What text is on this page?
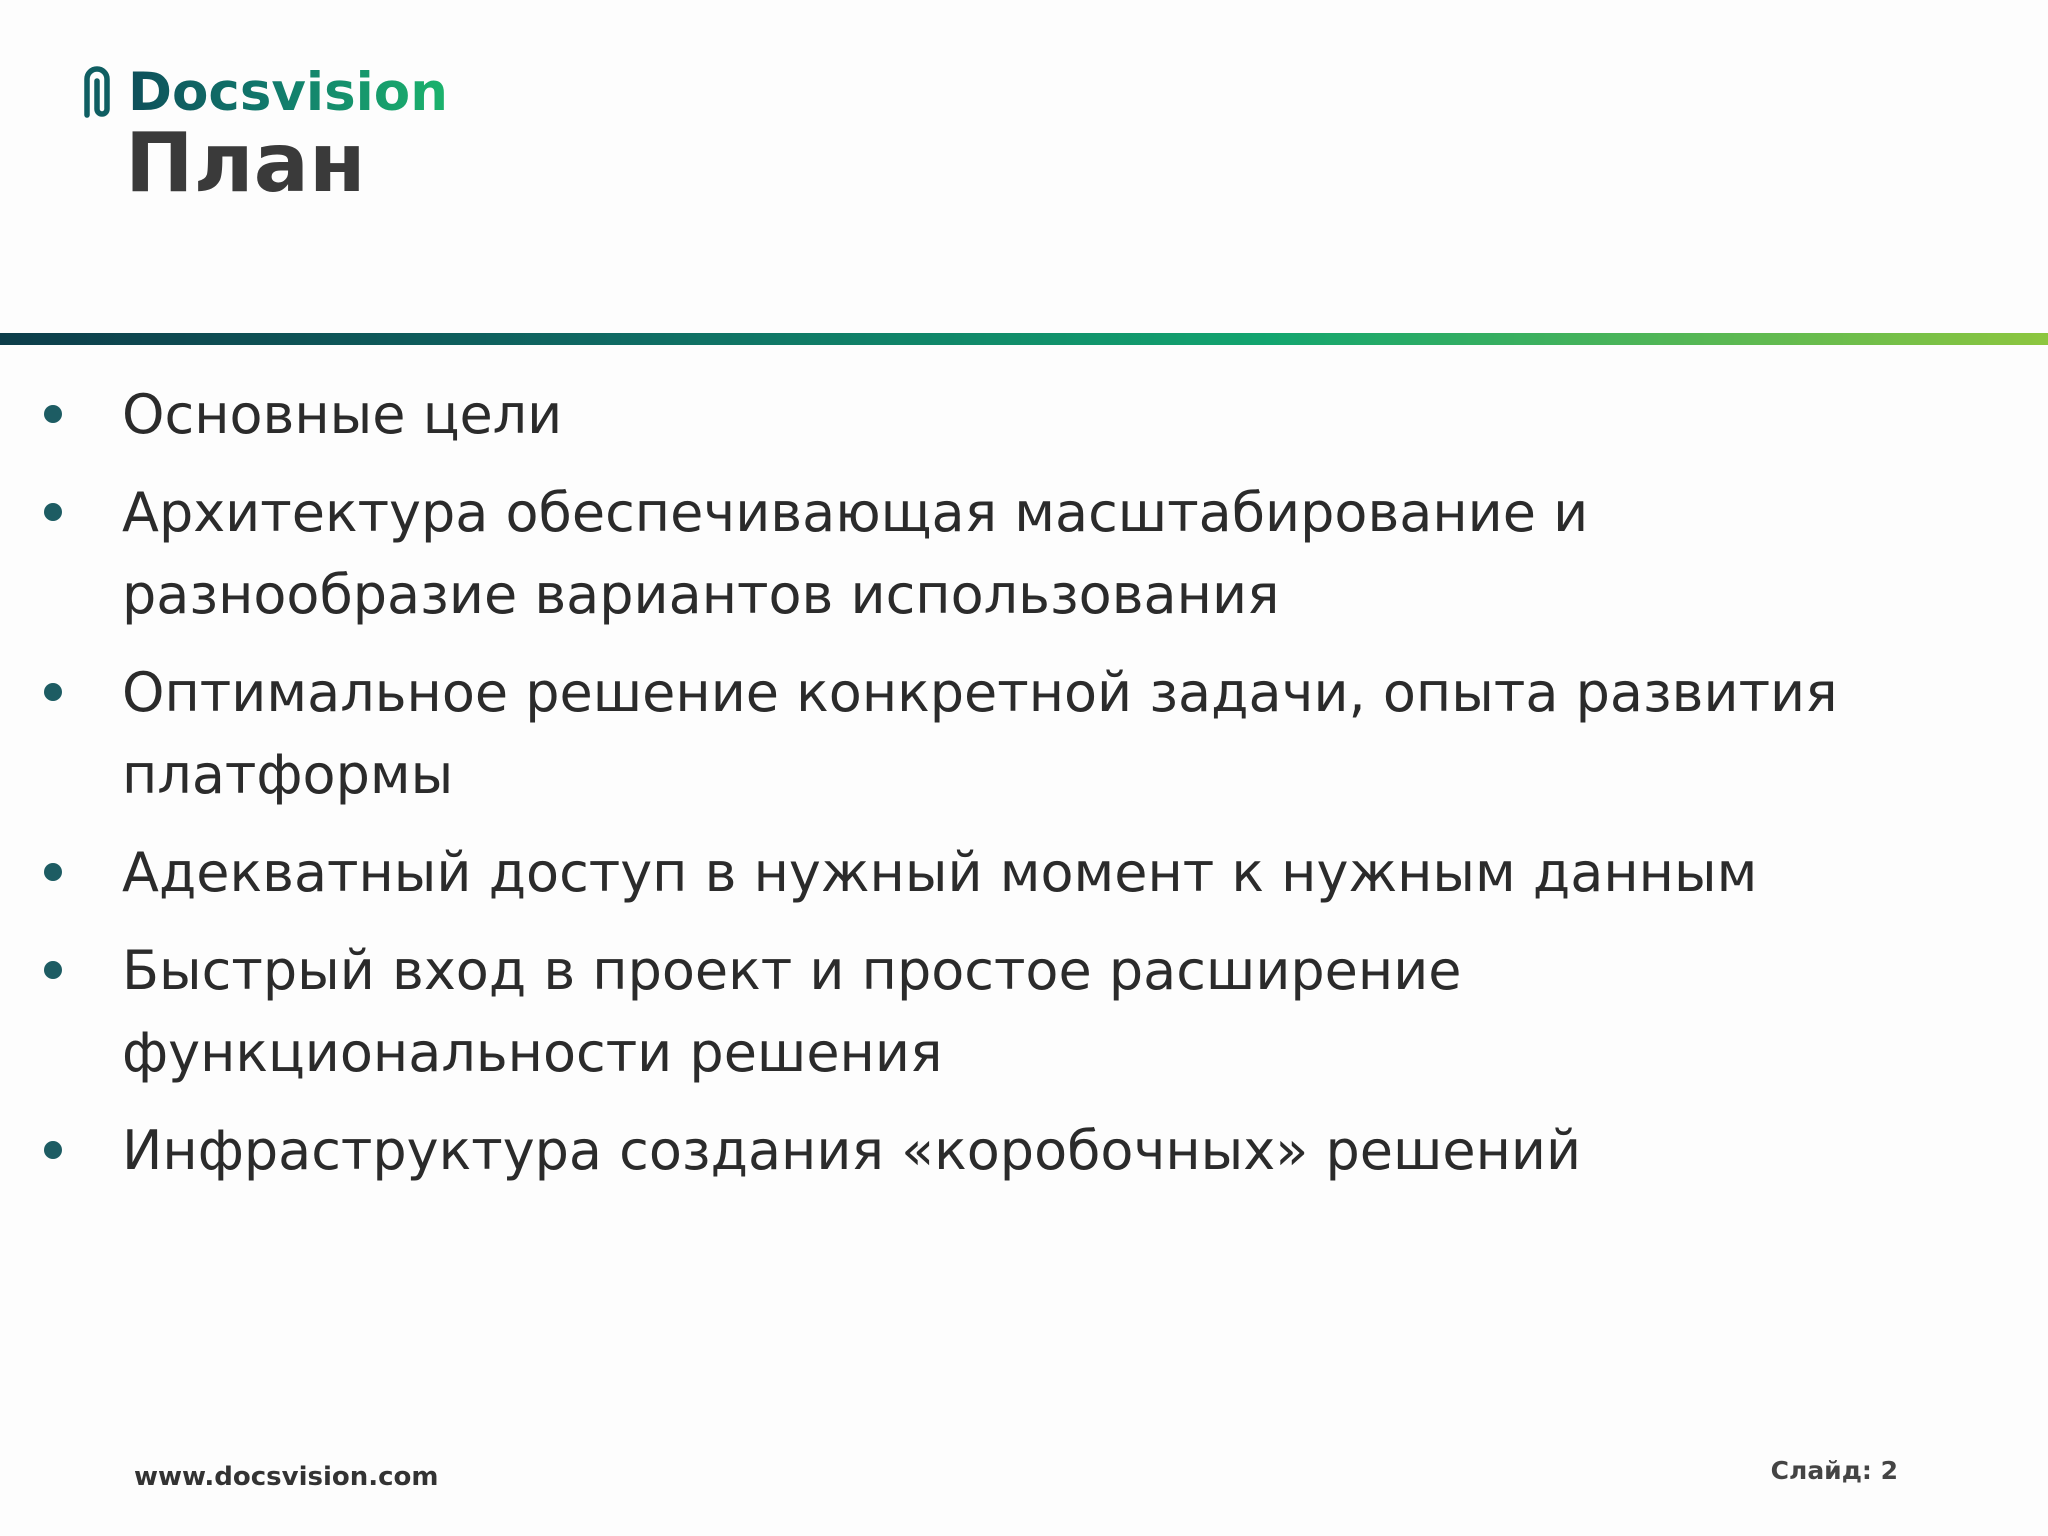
Docsvision
План
Основные цели
Архитектура обеспечивающая масштабирование и разнообразие вариантов использования
Оптимальное решение конкретной задачи, опыта развития платформы
Адекватный доступ в нужный момент к нужным данным
Быстрый вход в проект и простое расширение функциональности решения
Инфраструктура создания «коробочных» решений
www.docsvision.com	Слайд: 2
